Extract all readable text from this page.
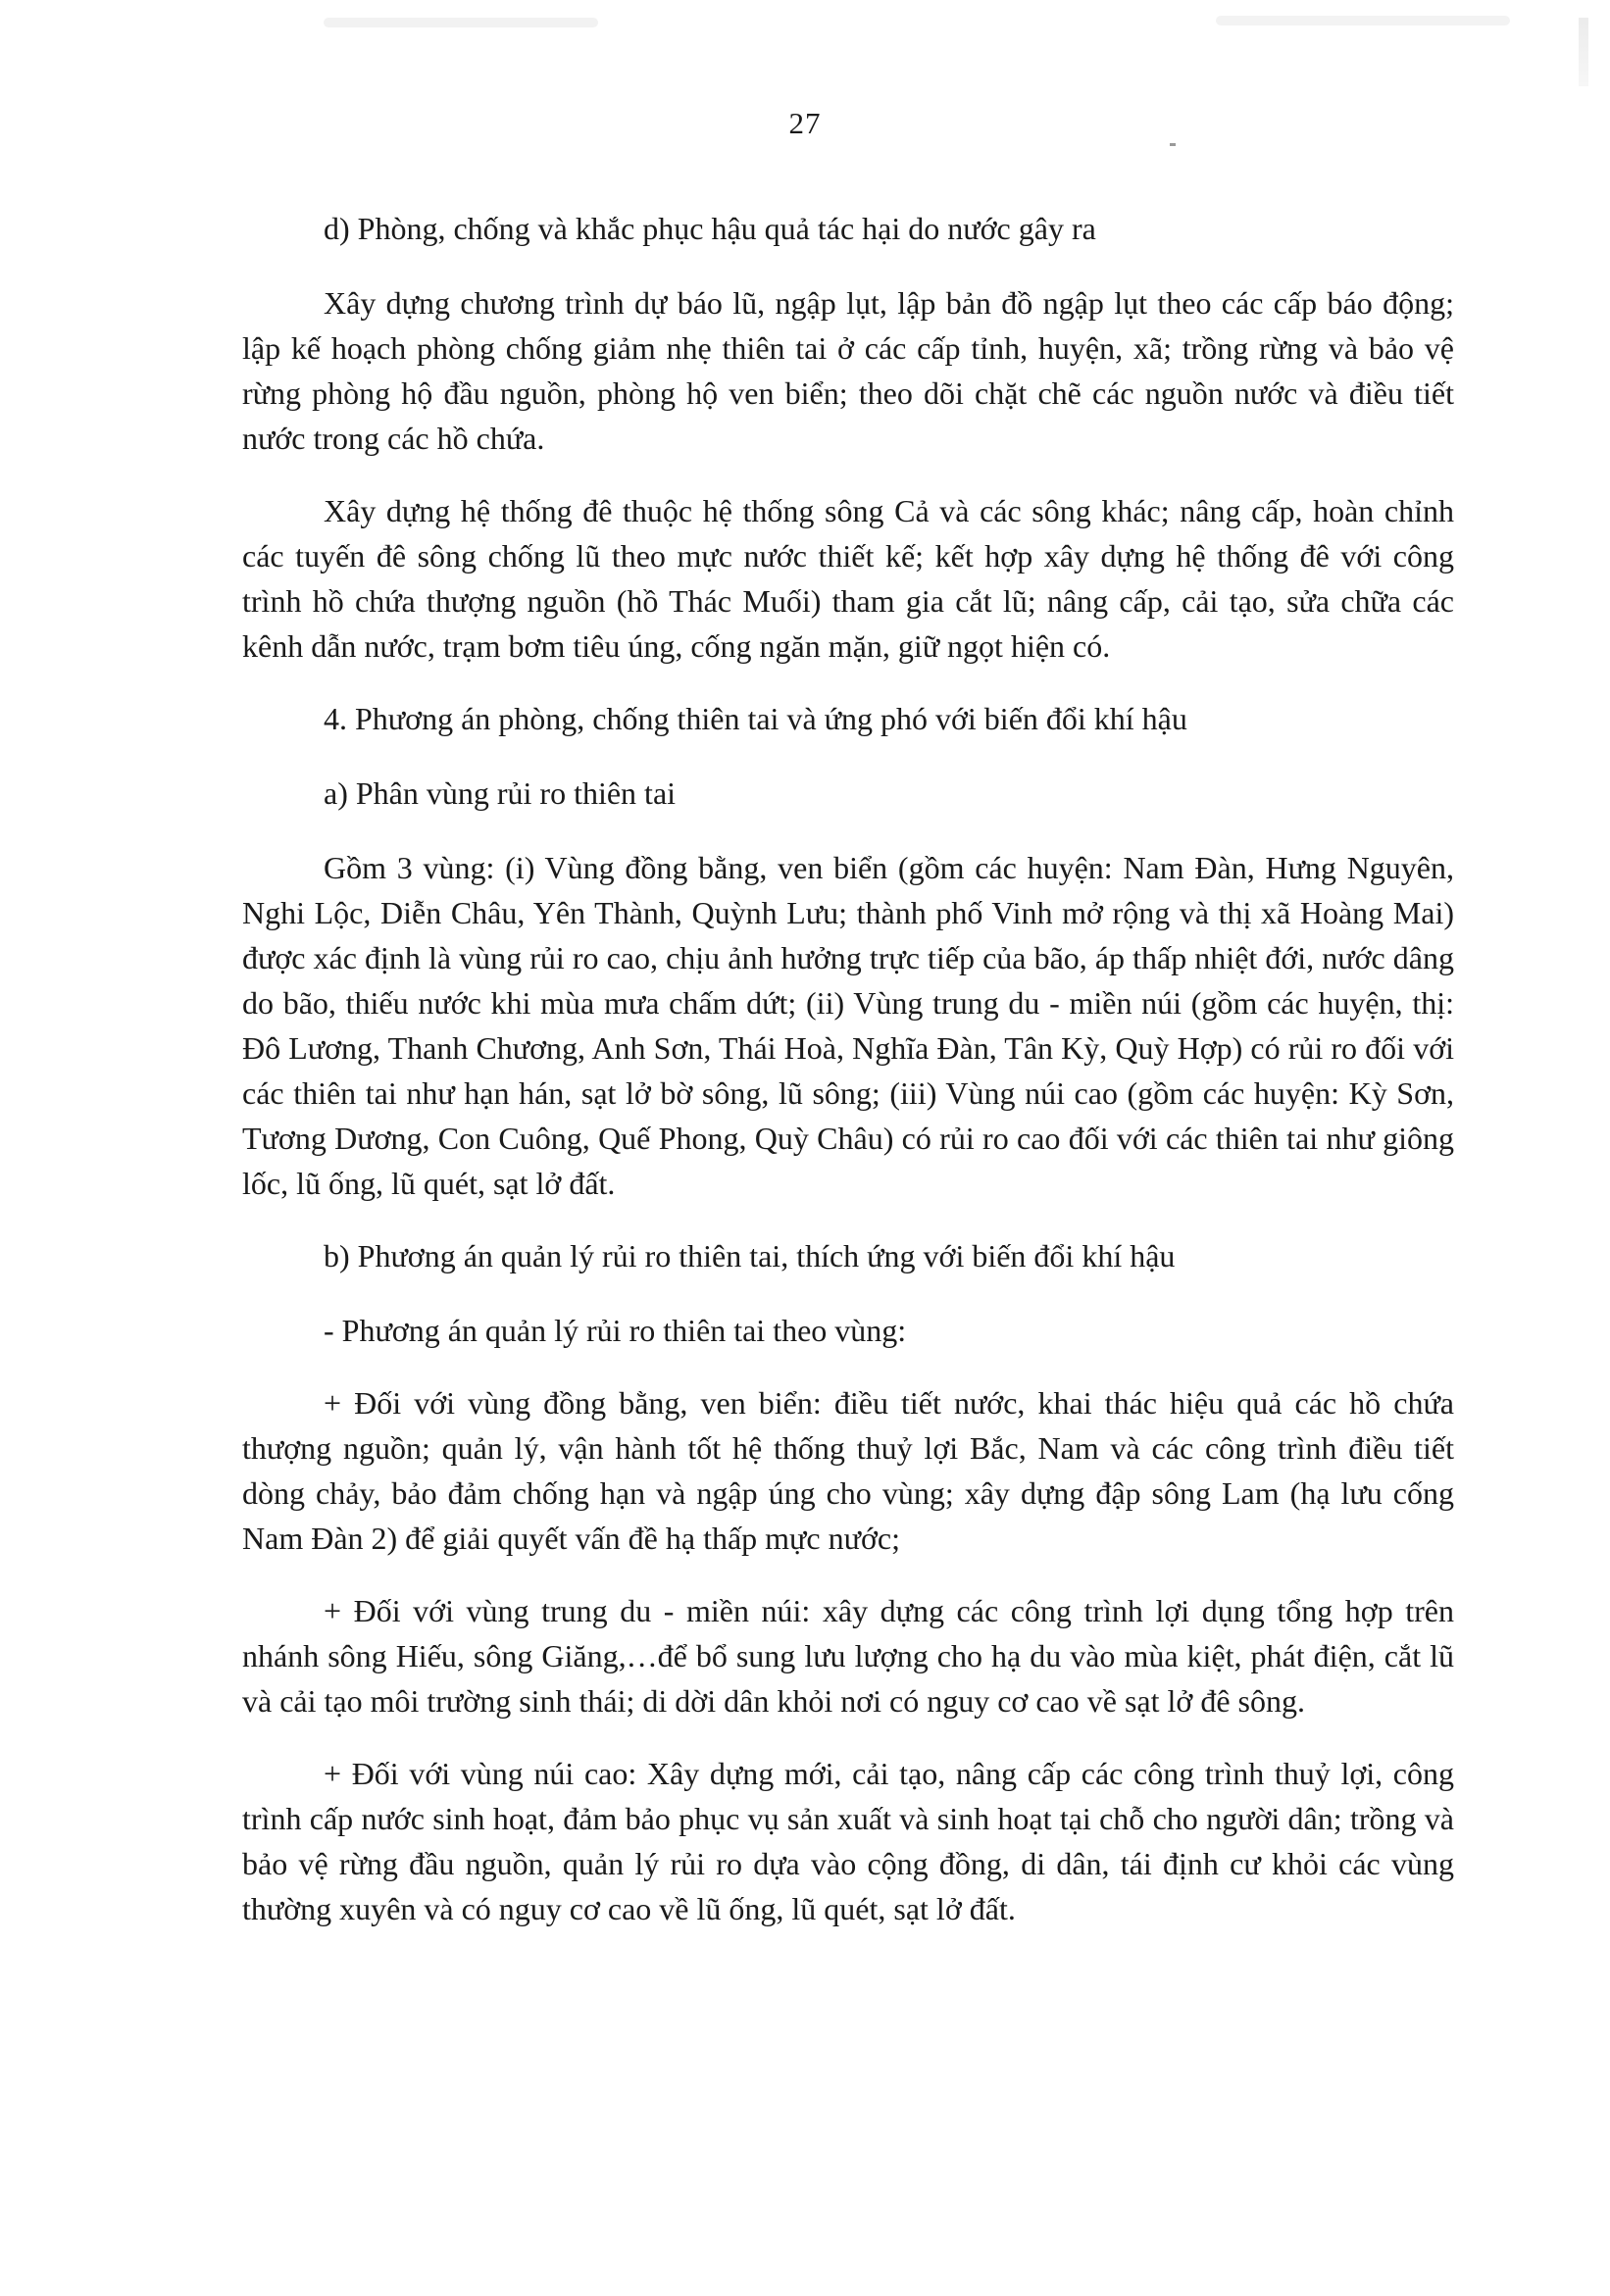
27

d) Phòng, chống và khắc phục hậu quả tác hại do nước gây ra

Xây dựng chương trình dự báo lũ, ngập lụt, lập bản đồ ngập lụt theo các cấp báo động; lập kế hoạch phòng chống giảm nhẹ thiên tai ở các cấp tỉnh, huyện, xã; trồng rừng và bảo vệ rừng phòng hộ đầu nguồn, phòng hộ ven biển; theo dõi chặt chẽ các nguồn nước và điều tiết nước trong các hồ chứa.

Xây dựng hệ thống đê thuộc hệ thống sông Cả và các sông khác; nâng cấp, hoàn chỉnh các tuyến đê sông chống lũ theo mực nước thiết kế; kết hợp xây dựng hệ thống đê với công trình hồ chứa thượng nguồn (hồ Thác Muối) tham gia cắt lũ; nâng cấp, cải tạo, sửa chữa các kênh dẫn nước, trạm bơm tiêu úng, cống ngăn mặn, giữ ngọt hiện có.

4. Phương án phòng, chống thiên tai và ứng phó với biến đổi khí hậu

a) Phân vùng rủi ro thiên tai

Gồm 3 vùng: (i) Vùng đồng bằng, ven biển (gồm các huyện: Nam Đàn, Hưng Nguyên, Nghi Lộc, Diễn Châu, Yên Thành, Quỳnh Lưu; thành phố Vinh mở rộng và thị xã Hoàng Mai) được xác định là vùng rủi ro cao, chịu ảnh hưởng trực tiếp của bão, áp thấp nhiệt đới, nước dâng do bão, thiếu nước khi mùa mưa chấm dứt; (ii) Vùng trung du - miền núi (gồm các huyện, thị: Đô Lương, Thanh Chương, Anh Sơn, Thái Hoà, Nghĩa Đàn, Tân Kỳ, Quỳ Hợp) có rủi ro đối với các thiên tai như hạn hán, sạt lở bờ sông, lũ sông; (iii) Vùng núi cao (gồm các huyện: Kỳ Sơn, Tương Dương, Con Cuông, Quế Phong, Quỳ Châu) có rủi ro cao đối với các thiên tai như giông lốc, lũ ống, lũ quét, sạt lở đất.

b) Phương án quản lý rủi ro thiên tai, thích ứng với biến đổi khí hậu

- Phương án quản lý rủi ro thiên tai theo vùng:

+ Đối với vùng đồng bằng, ven biển: điều tiết nước, khai thác hiệu quả các hồ chứa thượng nguồn; quản lý, vận hành tốt hệ thống thuỷ lợi Bắc, Nam và các công trình điều tiết dòng chảy, bảo đảm chống hạn và ngập úng cho vùng; xây dựng đập sông Lam (hạ lưu cống Nam Đàn 2) để giải quyết vấn đề hạ thấp mực nước;

+ Đối với vùng trung du - miền núi: xây dựng các công trình lợi dụng tổng hợp trên nhánh sông Hiếu, sông Giăng,…để bổ sung lưu lượng cho hạ du vào mùa kiệt, phát điện, cắt lũ và cải tạo môi trường sinh thái; di dời dân khỏi nơi có nguy cơ cao về sạt lở đê sông.

+ Đối với vùng núi cao: Xây dựng mới, cải tạo, nâng cấp các công trình thuỷ lợi, công trình cấp nước sinh hoạt, đảm bảo phục vụ sản xuất và sinh hoạt tại chỗ cho người dân; trồng và bảo vệ rừng đầu nguồn, quản lý rủi ro dựa vào cộng đồng, di dân, tái định cư khỏi các vùng thường xuyên và có nguy cơ cao về lũ ống, lũ quét, sạt lở đất.
